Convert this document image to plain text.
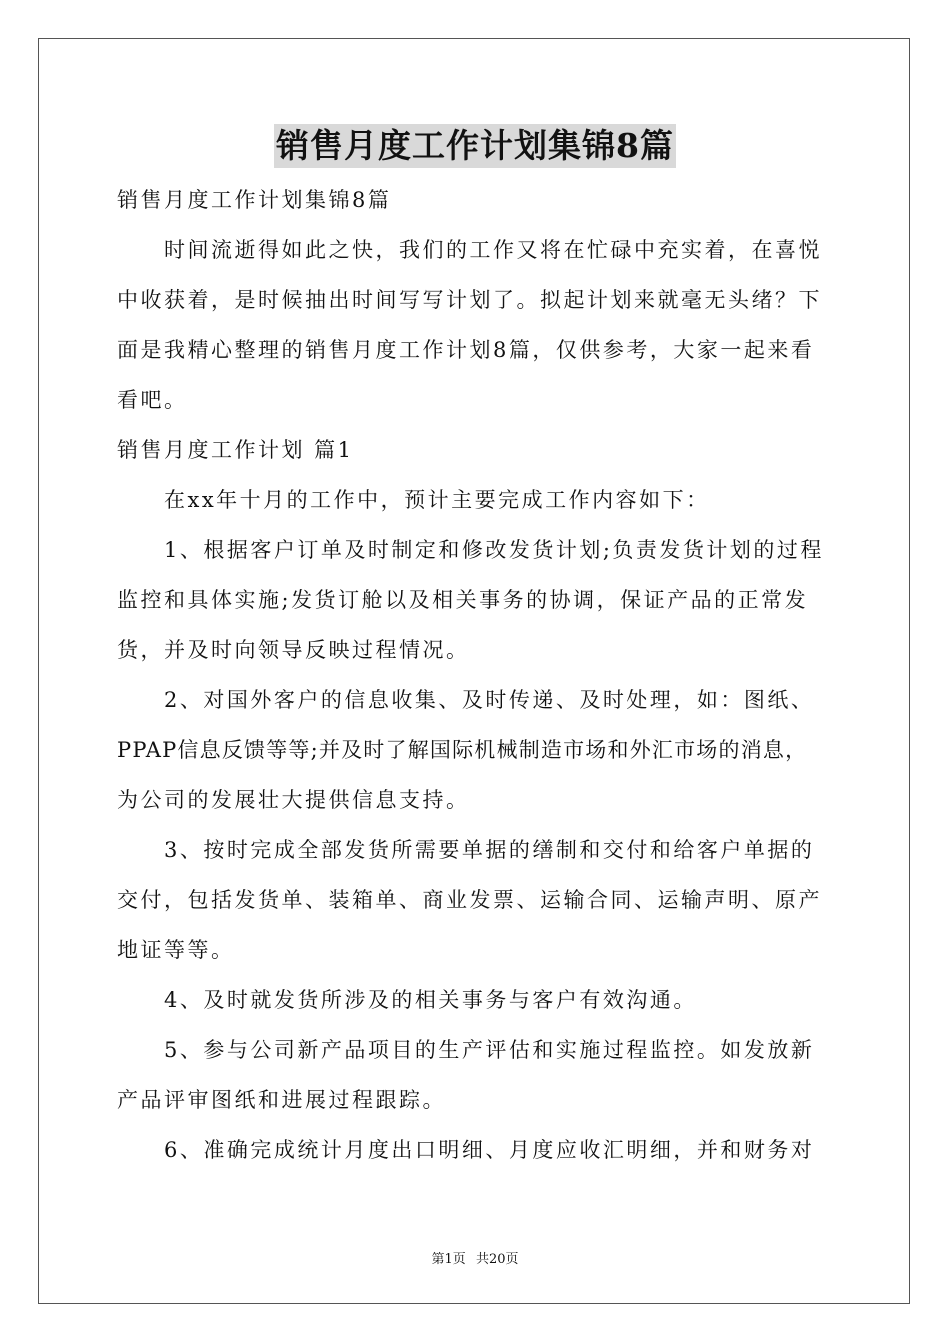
销售月度工作计划集锦8篇
销售月度工作计划集锦8篇
　　时间流逝得如此之快，我们的工作又将在忙碌中充实着，在喜悦
中收获着，是时候抽出时间写写计划了。拟起计划来就毫无头绪？下
面是我精心整理的销售月度工作计划8篇，仅供参考，大家一起来看
看吧。
销售月度工作计划 篇1
　　在xx年十月的工作中，预计主要完成工作内容如下：
　　1、根据客户订单及时制定和修改发货计划;负责发货计划的过程
监控和具体实施;发货订舱以及相关事务的协调，保证产品的正常发
货，并及时向领导反映过程情况。
　　2、对国外客户的信息收集、及时传递、及时处理，如：图纸、
PPAP信息反馈等等;并及时了解国际机械制造市场和外汇市场的消息，
为公司的发展壮大提供信息支持。
　　3、按时完成全部发货所需要单据的缮制和交付和给客户单据的
交付，包括发货单、装箱单、商业发票、运输合同、运输声明、原产
地证等等。
　　4、及时就发货所涉及的相关事务与客户有效沟通。
　　5、参与公司新产品项目的生产评估和实施过程监控。如发放新
产品评审图纸和进展过程跟踪。
　　6、准确完成统计月度出口明细、月度应收汇明细，并和财务对
第1页 共20页
